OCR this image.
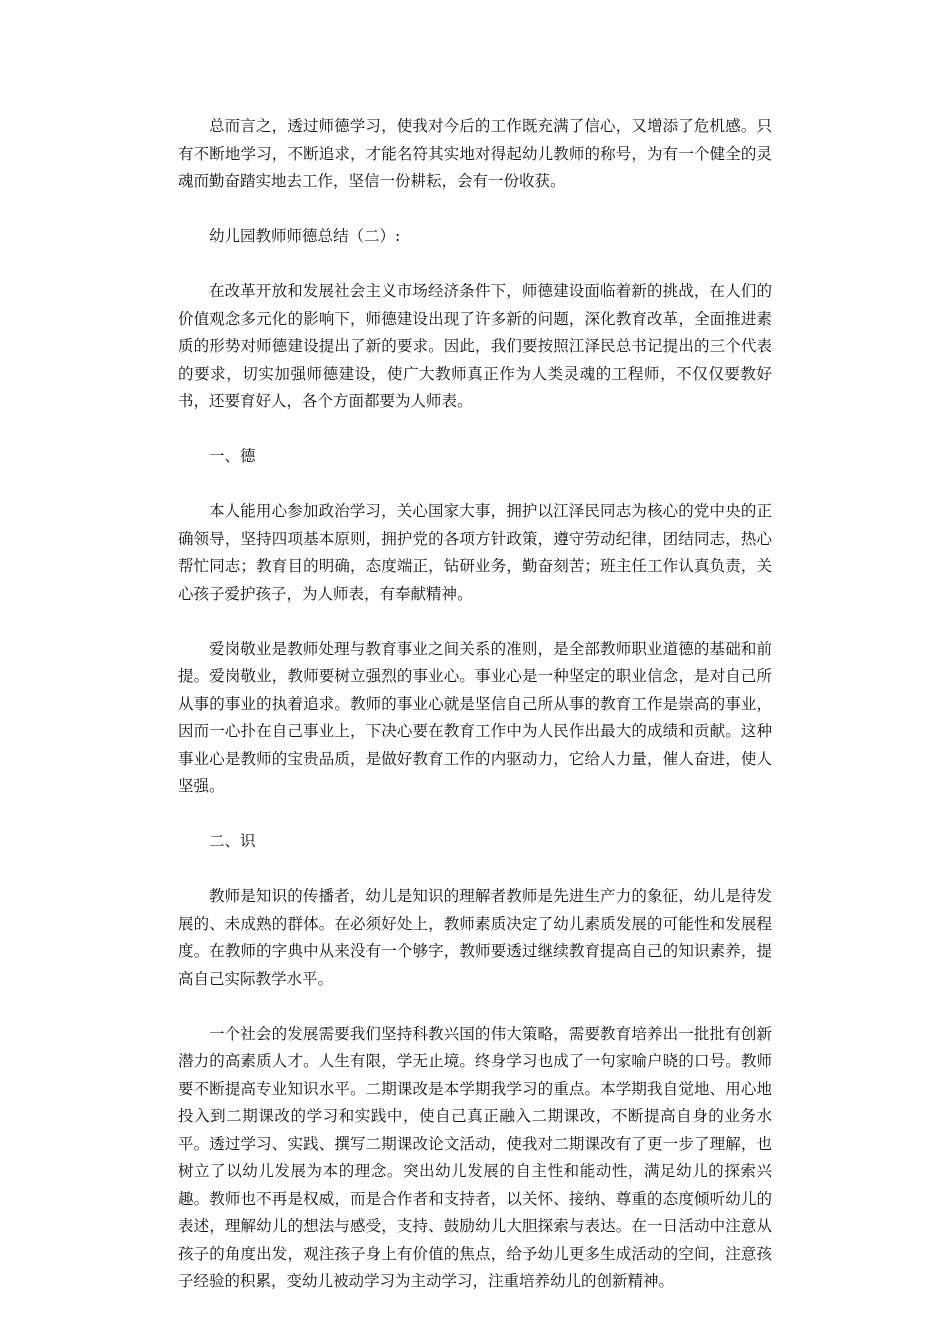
总而言之，透过师德学习，使我对今后的工作既充满了信心，又增添了危机感。只有不断地学习，不断追求，才能名符其实地对得起幼儿教师的称号，为有一个健全的灵魂而勤奋踏实地去工作，坚信一份耕耘，会有一份收获。

幼儿园教师师德总结（二）:

在改革开放和发展社会主义市场经济条件下，师德建设面临着新的挑战，在人们的价值观念多元化的影响下，师德建设出现了许多新的问题，深化教育改革，全面推进素质的形势对师德建设提出了新的要求。因此，我们要按照江泽民总书记提出的三个代表的要求，切实加强师德建设，使广大教师真正作为人类灵魂的工程师，不仅仅要教好书，还要育好人，各个方面都要为人师表。

一、德

本人能用心参加政治学习，关心国家大事，拥护以江泽民同志为核心的党中央的正确领导，坚持四项基本原则，拥护党的各项方针政策，遵守劳动纪律，团结同志，热心帮忙同志；教育目的明确，态度端正，钻研业务，勤奋刻苦；班主任工作认真负责，关心孩子爱护孩子，为人师表，有奉献精神。

爱岗敬业是教师处理与教育事业之间关系的准则，是全部教师职业道德的基础和前提。爱岗敬业，教师要树立强烈的事业心。事业心是一种坚定的职业信念，是对自己所从事的事业的执着追求。教师的事业心就是坚信自己所从事的教育工作是崇高的事业，因而一心扑在自己事业上，下决心要在教育工作中为人民作出最大的成绩和贡献。这种事业心是教师的宝贵品质，是做好教育工作的内驱动力，它给人力量，催人奋进，使人坚强。

二、识

教师是知识的传播者，幼儿是知识的理解者教师是先进生产力的象征，幼儿是待发展的、未成熟的群体。在必须好处上，教师素质决定了幼儿素质发展的可能性和发展程度。在教师的字典中从来没有一个够字，教师要透过继续教育提高自己的知识素养，提高自己实际教学水平。

一个社会的发展需要我们坚持科教兴国的伟大策略，需要教育培养出一批批有创新潜力的高素质人才。人生有限，学无止境。终身学习也成了一句家喻户晓的口号。教师要不断提高专业知识水平。二期课改是本学期我学习的重点。本学期我自觉地、用心地投入到二期课改的学习和实践中，使自己真正融入二期课改，不断提高自身的业务水平。透过学习、实践、撰写二期课改论文活动，使我对二期课改有了更一步了理解，也树立了以幼儿发展为本的理念。突出幼儿发展的自主性和能动性，满足幼儿的探索兴趣。教师也不再是权威，而是合作者和支持者，以关怀、接纳、尊重的态度倾听幼儿的表述，理解幼儿的想法与感受，支持、鼓励幼儿大胆探索与表达。在一日活动中注意从孩子的角度出发，观注孩子身上有价值的焦点，给予幼儿更多生成活动的空间，注意孩子经验的积累，变幼儿被动学习为主动学习，注重培养幼儿的创新精神。
